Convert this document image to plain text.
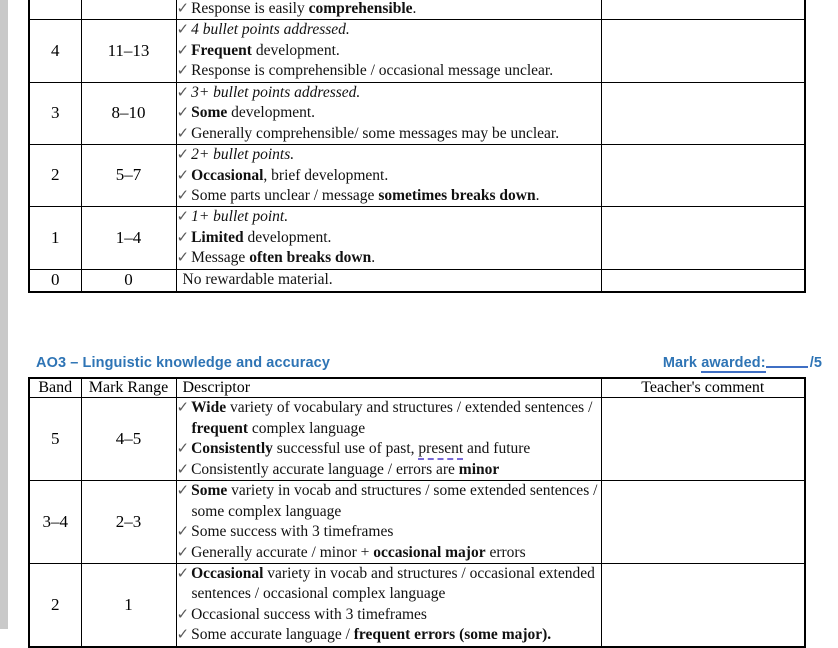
✓ Response is easily comprehensible.	

4	11–13	✓ 4 bullet points addressed.
✓ Frequent development.
✓ Response is comprehensible / occasional message unclear.	

3	8–10	✓ 3+ bullet points addressed.
✓ Some development.
✓ Generally comprehensible/ some messages may be unclear.	

2	5–7	✓ 2+ bullet points.
✓ Occasional, brief development.
✓ Some parts unclear / message sometimes breaks down.	

1	1–4	✓ 1+ bullet point.
✓ Limited development.
✓ Message often breaks down.	

0	0	No rewardable material.	
AO3 – Linguistic knowledge and accuracy	Mark awarded:	/5
Band	Mark Range	Descriptor	Teacher's comment
5	4–5	✓ Wide variety of vocabulary and structures / extended sentences / frequent complex language
✓ Consistently successful use of past, present and future
✓ Consistently accurate language / errors are minor	

3–4	2–3	✓ Some variety in vocab and structures / some extended sentences / some complex language
✓ Some success with 3 timeframes
✓ Generally accurate / minor + occasional major errors	

2	1	✓ Occasional variety in vocab and structures / occasional extended sentences / occasional complex language
✓ Occasional success with 3 timeframes
✓ Some accurate language / frequent errors (some major).	
